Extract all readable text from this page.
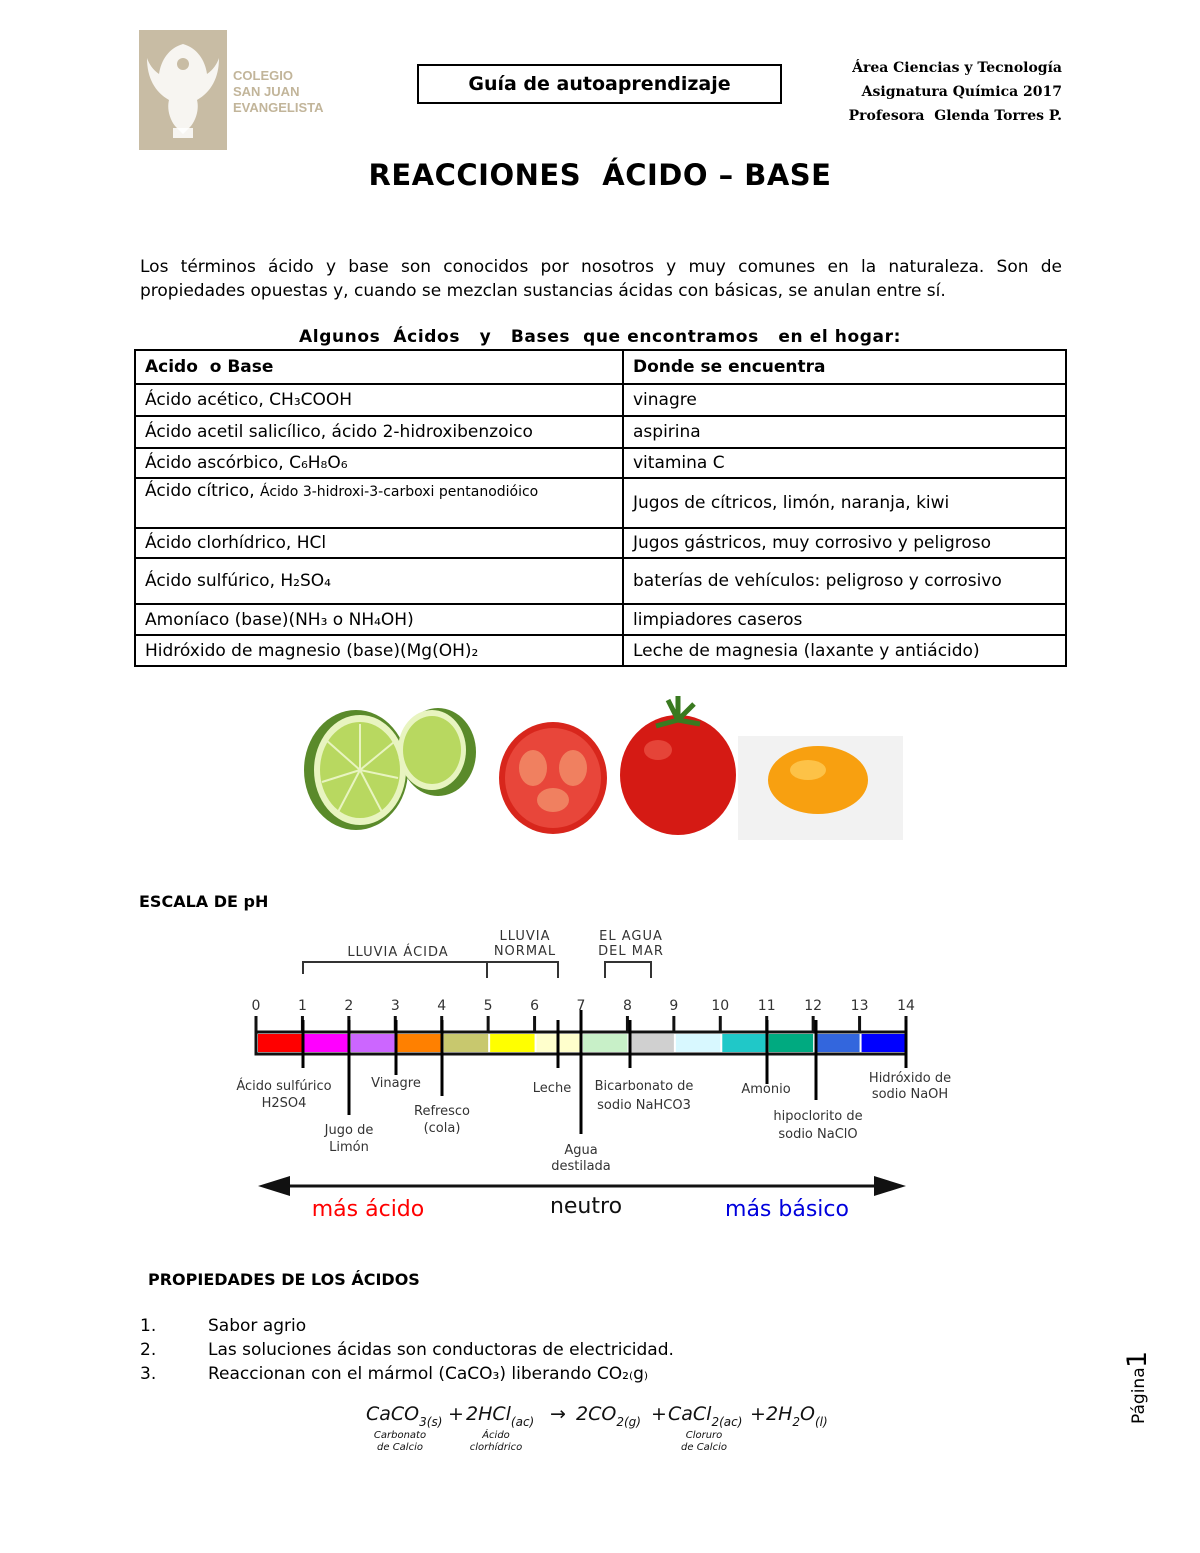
COLEGIO
SAN JUAN
EVANGELISTA
Guía de autoaprendizaje
Área Ciencias y Tecnología
Asignatura Química 2017
Profesora  Glenda Torres P.
REACCIONES  ÁCIDO – BASE
Los términos ácido y base son conocidos por nosotros y muy comunes en la naturaleza. Son de propiedades opuestas y, cuando se mezclan sustancias ácidas con básicas, se anulan entre sí.
Algunos  Ácidos   y   Bases  que encontramos   en el hogar:
Acido  o Base	Donde se encuentra
Ácido acético, CH₃COOH	vinagre
Ácido acetil salicílico, ácido 2-hidroxibenzoico	aspirina
Ácido ascórbico, C₆H₈O₆	vitamina C
Ácido cítrico, Ácido 3-hidroxi-3-carboxi pentanodióico	Jugos de cítricos, limón, naranja, kiwi
Ácido clorhídrico, HCl	Jugos gástricos, muy corrosivo y peligroso
Ácido sulfúrico, H₂SO₄	baterías de vehículos: peligroso y corrosivo
Amoníaco (base)(NH₃ o NH₄OH)	limpiadores caseros
Hidróxido de magnesio (base)(Mg(OH)₂	Leche de magnesia (laxante y antiácido)
ESCALA DE pH
LLUVIA ÁCIDA
LLUVIA
NORMAL
EL AGUA
DEL MAR
0	1	2	3	4	5	6	7	8	9 10 11 12 13 14
Ácido sulfúrico
H2SO4
Jugo de
Limón
Vinagre
Refresco
(cola)
Leche
Agua
destilada
Bicarbonato de
sodio NaHCO3
Amonio
hipoclorito de
sodio NaClO
Hidróxido de
sodio NaOH
más ácido	neutro	más básico
PROPIEDADES DE LOS ÁCIDOS
1.	Sabor agrio
2.	Las soluciones ácidas son conductoras de electricidad.
3.	Reaccionan con el mármol (CaCO₃) liberando CO₂₍g₎
CaCO$_{3(s)}$ + $2HCl_{(ac)} \to 2CO_{2(g)}$ + CaCl$_{2(ac)}$ + $2H_2O_{(l)}$
Carbonato
de Calcio
Ácido
clorhídrico
Cloruro
de Calcio
Página
1
